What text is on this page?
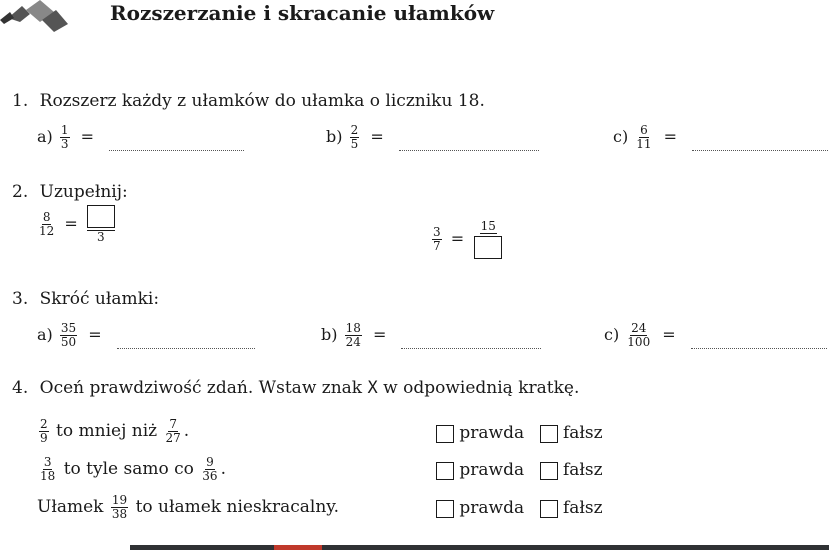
Rozszerzanie i skracanie ułamków
1. Rozszerz każdy z ułamków do ułamka o liczniku 18.
$a) \frac{1}{3}$ =	$b) \frac{2}{5}$ =	$c) \frac{6}{11}$ =
2. Uzupełnij:
$\frac{8}{12}$ =
3	$\frac{3}{7}$ =
15
3. Skróć ułamki:
$a) \frac{35}{50}$ =	$b) \frac{18}{24}$ =	$c) \frac{24}{100}$ =
4. Oceń prawdziwość zdań. Wstaw znak X w odpowiednią kratkę.
$\frac{2}{9}$ to mniej niż $\frac{7}{27}$ .	prawda fałsz
$\frac{3}{18}$ to tyle samo co $\frac{9}{36}$ .	prawda fałsz
Ułamek $\frac{19}{38}$ to ułamek nieskracalny.	prawda fałsz
